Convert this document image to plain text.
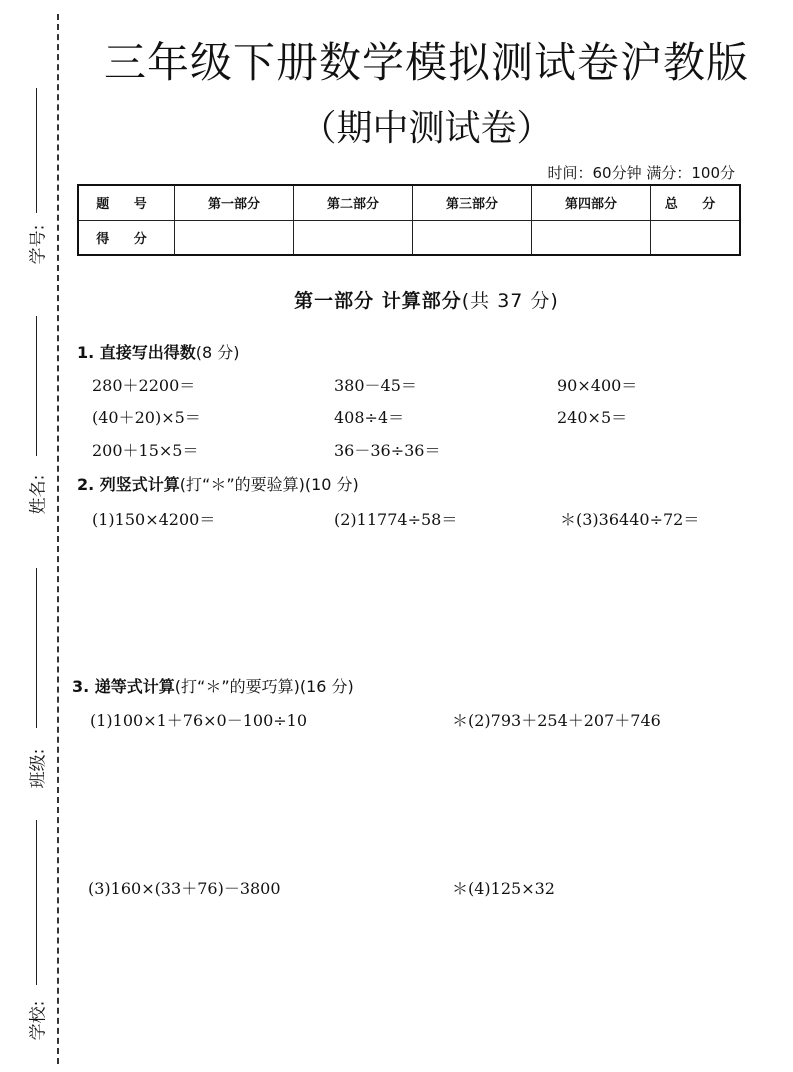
学号:
姓名:
班级:
学校:
三年级下册数学模拟测试卷沪教版
（期中测试卷）
时间：60分钟 满分：100分
题 号	第一部分	第二部分	第三部分	第四部分	总 分
得 分					
第一部分 计算部分(共 37 分)
1. 直接写出得数(8 分)
280＋2200＝	380－45＝	90×400＝
(40＋20)×5＝	408÷4＝	240×5＝
200＋15×5＝	36－36÷36＝
2. 列竖式计算(打“＊”的要验算)(10 分)
(1)150×4200＝	(2)11774÷58＝	＊(3)36440÷72＝
3. 递等式计算(打“＊”的要巧算)(16 分)
(1)100×1＋76×0－100÷10	＊(2)793＋254＋207＋746
(3)160×(33＋76)－3800	＊(4)125×32
